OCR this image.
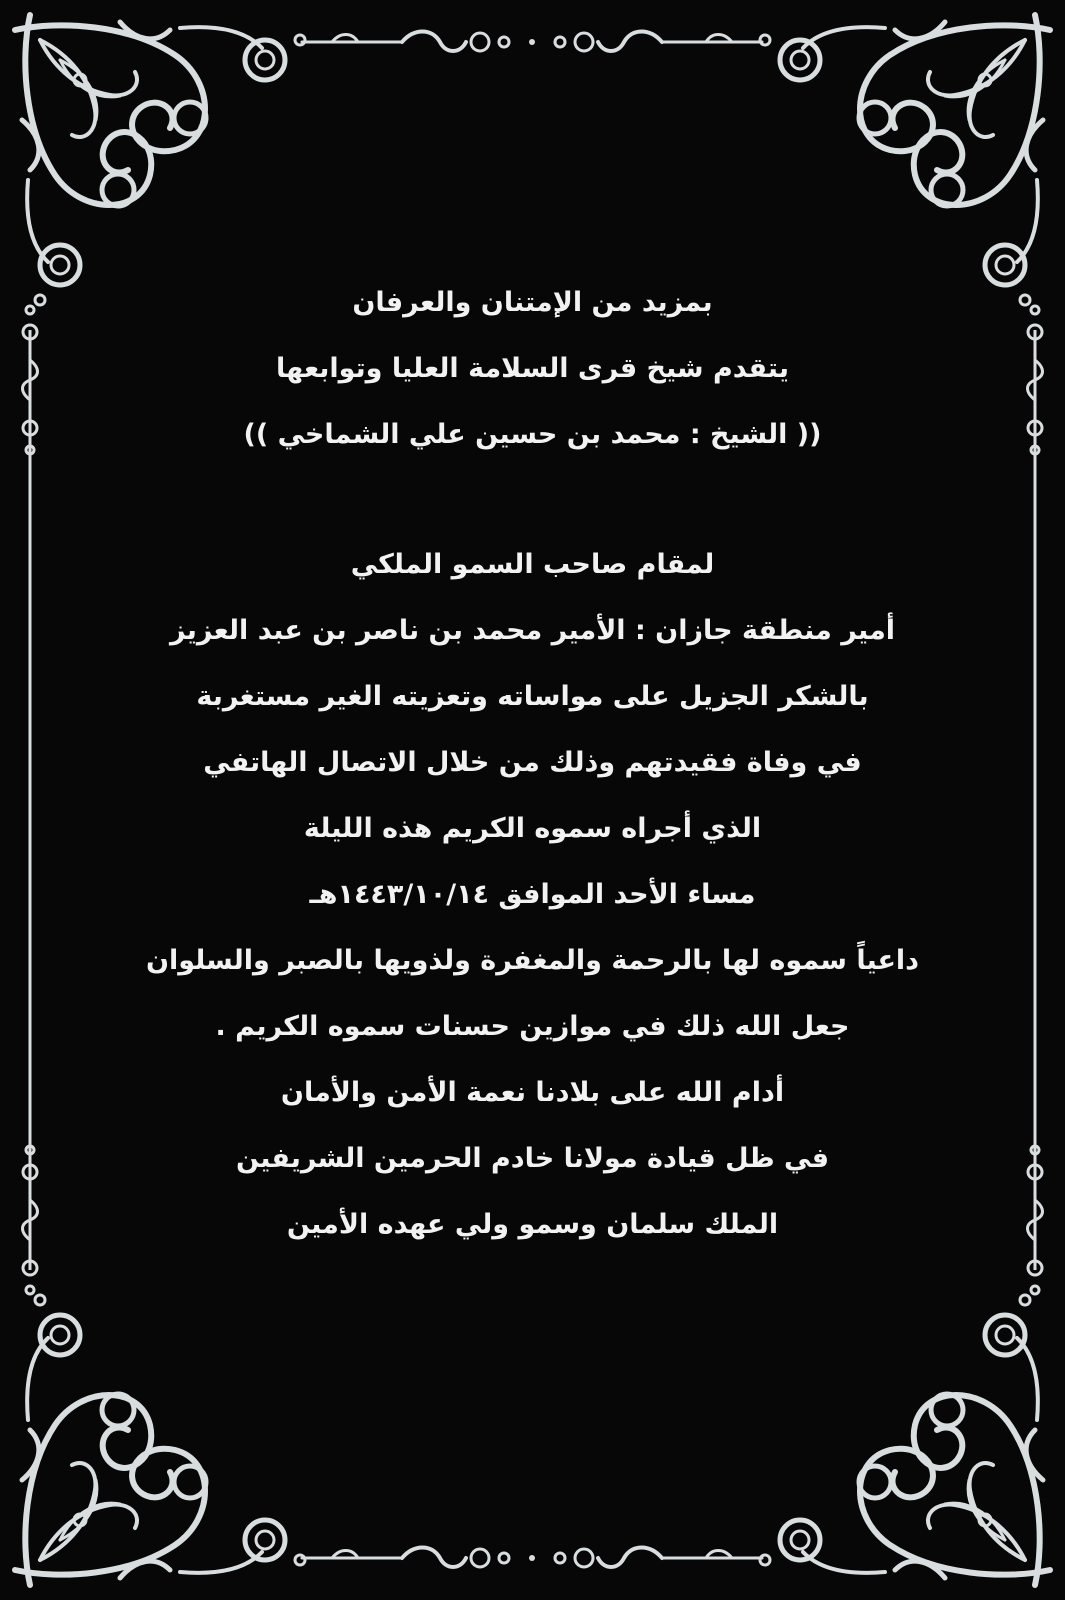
بمزيد من الإمتنان والعرفان
يتقدم شيخ قرى السلامة العليا وتوابعها
(( الشيخ : محمد بن حسين علي الشماخي ))
لمقام صاحب السمو الملكي
أمير منطقة جازان : الأمير محمد بن ناصر بن عبد العزيز
بالشكر الجزيل على مواساته وتعزيته الغير مستغربة
في وفاة فقيدتهم وذلك من خلال الاتصال الهاتفي
الذي أجراه سموه الكريم هذه الليلة
مساء الأحد الموافق ١٤٤٣/١٠/١٤هـ
داعياً سموه لها بالرحمة والمغفرة ولذويها بالصبر والسلوان
جعل الله ذلك في موازين حسنات سموه الكريم .
أدام الله على بلادنا نعمة الأمن والأمان
في ظل قيادة مولانا خادم الحرمين الشريفين
الملك سلمان وسمو ولي عهده الأمين
